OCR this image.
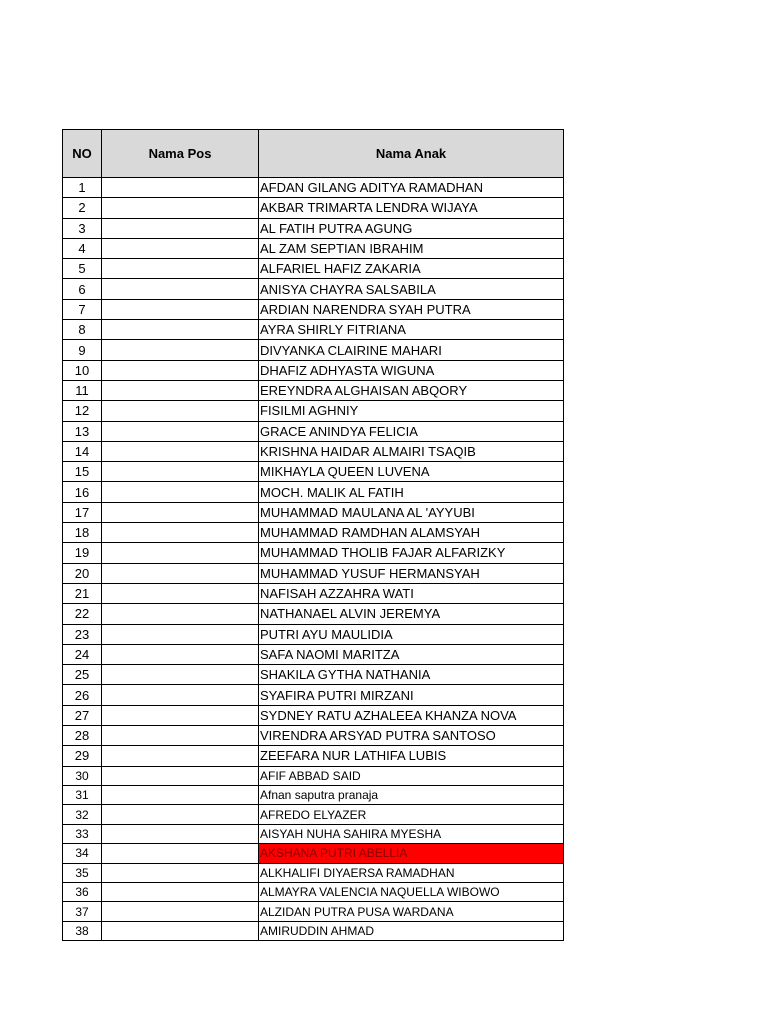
NO	Nama Pos	Nama Anak
1		AFDAN GILANG ADITYA RAMADHAN
2		AKBAR TRIMARTA LENDRA WIJAYA
3		AL FATIH PUTRA AGUNG
4		AL ZAM SEPTIAN IBRAHIM
5		ALFARIEL HAFIZ ZAKARIA
6		ANISYA CHAYRA SALSABILA
7		ARDIAN NARENDRA SYAH PUTRA
8		AYRA SHIRLY FITRIANA
9		DIVYANKA CLAIRINE MAHARI
10		DHAFIZ ADHYASTA WIGUNA
11		EREYNDRA ALGHAISAN ABQORY
12		FISILMI AGHNIY
13		GRACE ANINDYA FELICIA
14		KRISHNA HAIDAR ALMAIRI TSAQIB
15		MIKHAYLA QUEEN LUVENA
16		MOCH. MALIK AL FATIH
17		MUHAMMAD MAULANA AL 'AYYUBI
18		MUHAMMAD RAMDHAN ALAMSYAH
19		MUHAMMAD THOLIB FAJAR ALFARIZKY
20		MUHAMMAD YUSUF HERMANSYAH
21		NAFISAH AZZAHRA WATI
22		NATHANAEL ALVIN JEREMYA
23		PUTRI AYU MAULIDIA
24		SAFA NAOMI MARITZA
25		SHAKILA GYTHA NATHANIA
26		SYAFIRA PUTRI MIRZANI
27		SYDNEY RATU AZHALEEA KHANZA NOVA
28		VIRENDRA ARSYAD PUTRA SANTOSO
29		ZEEFARA NUR LATHIFA LUBIS
30		AFIF ABBAD SAID
31		Afnan saputra pranaja
32		AFREDO ELYAZER
33		AISYAH NUHA SAHIRA MYESHA
34		AKSHANA PUTRI ABELLIA
35		ALKHALIFI DIYAERSA RAMADHAN
36		ALMAYRA VALENCIA NAQUELLA WIBOWO
37		ALZIDAN PUTRA PUSA WARDANA
38		AMIRUDDIN AHMAD
